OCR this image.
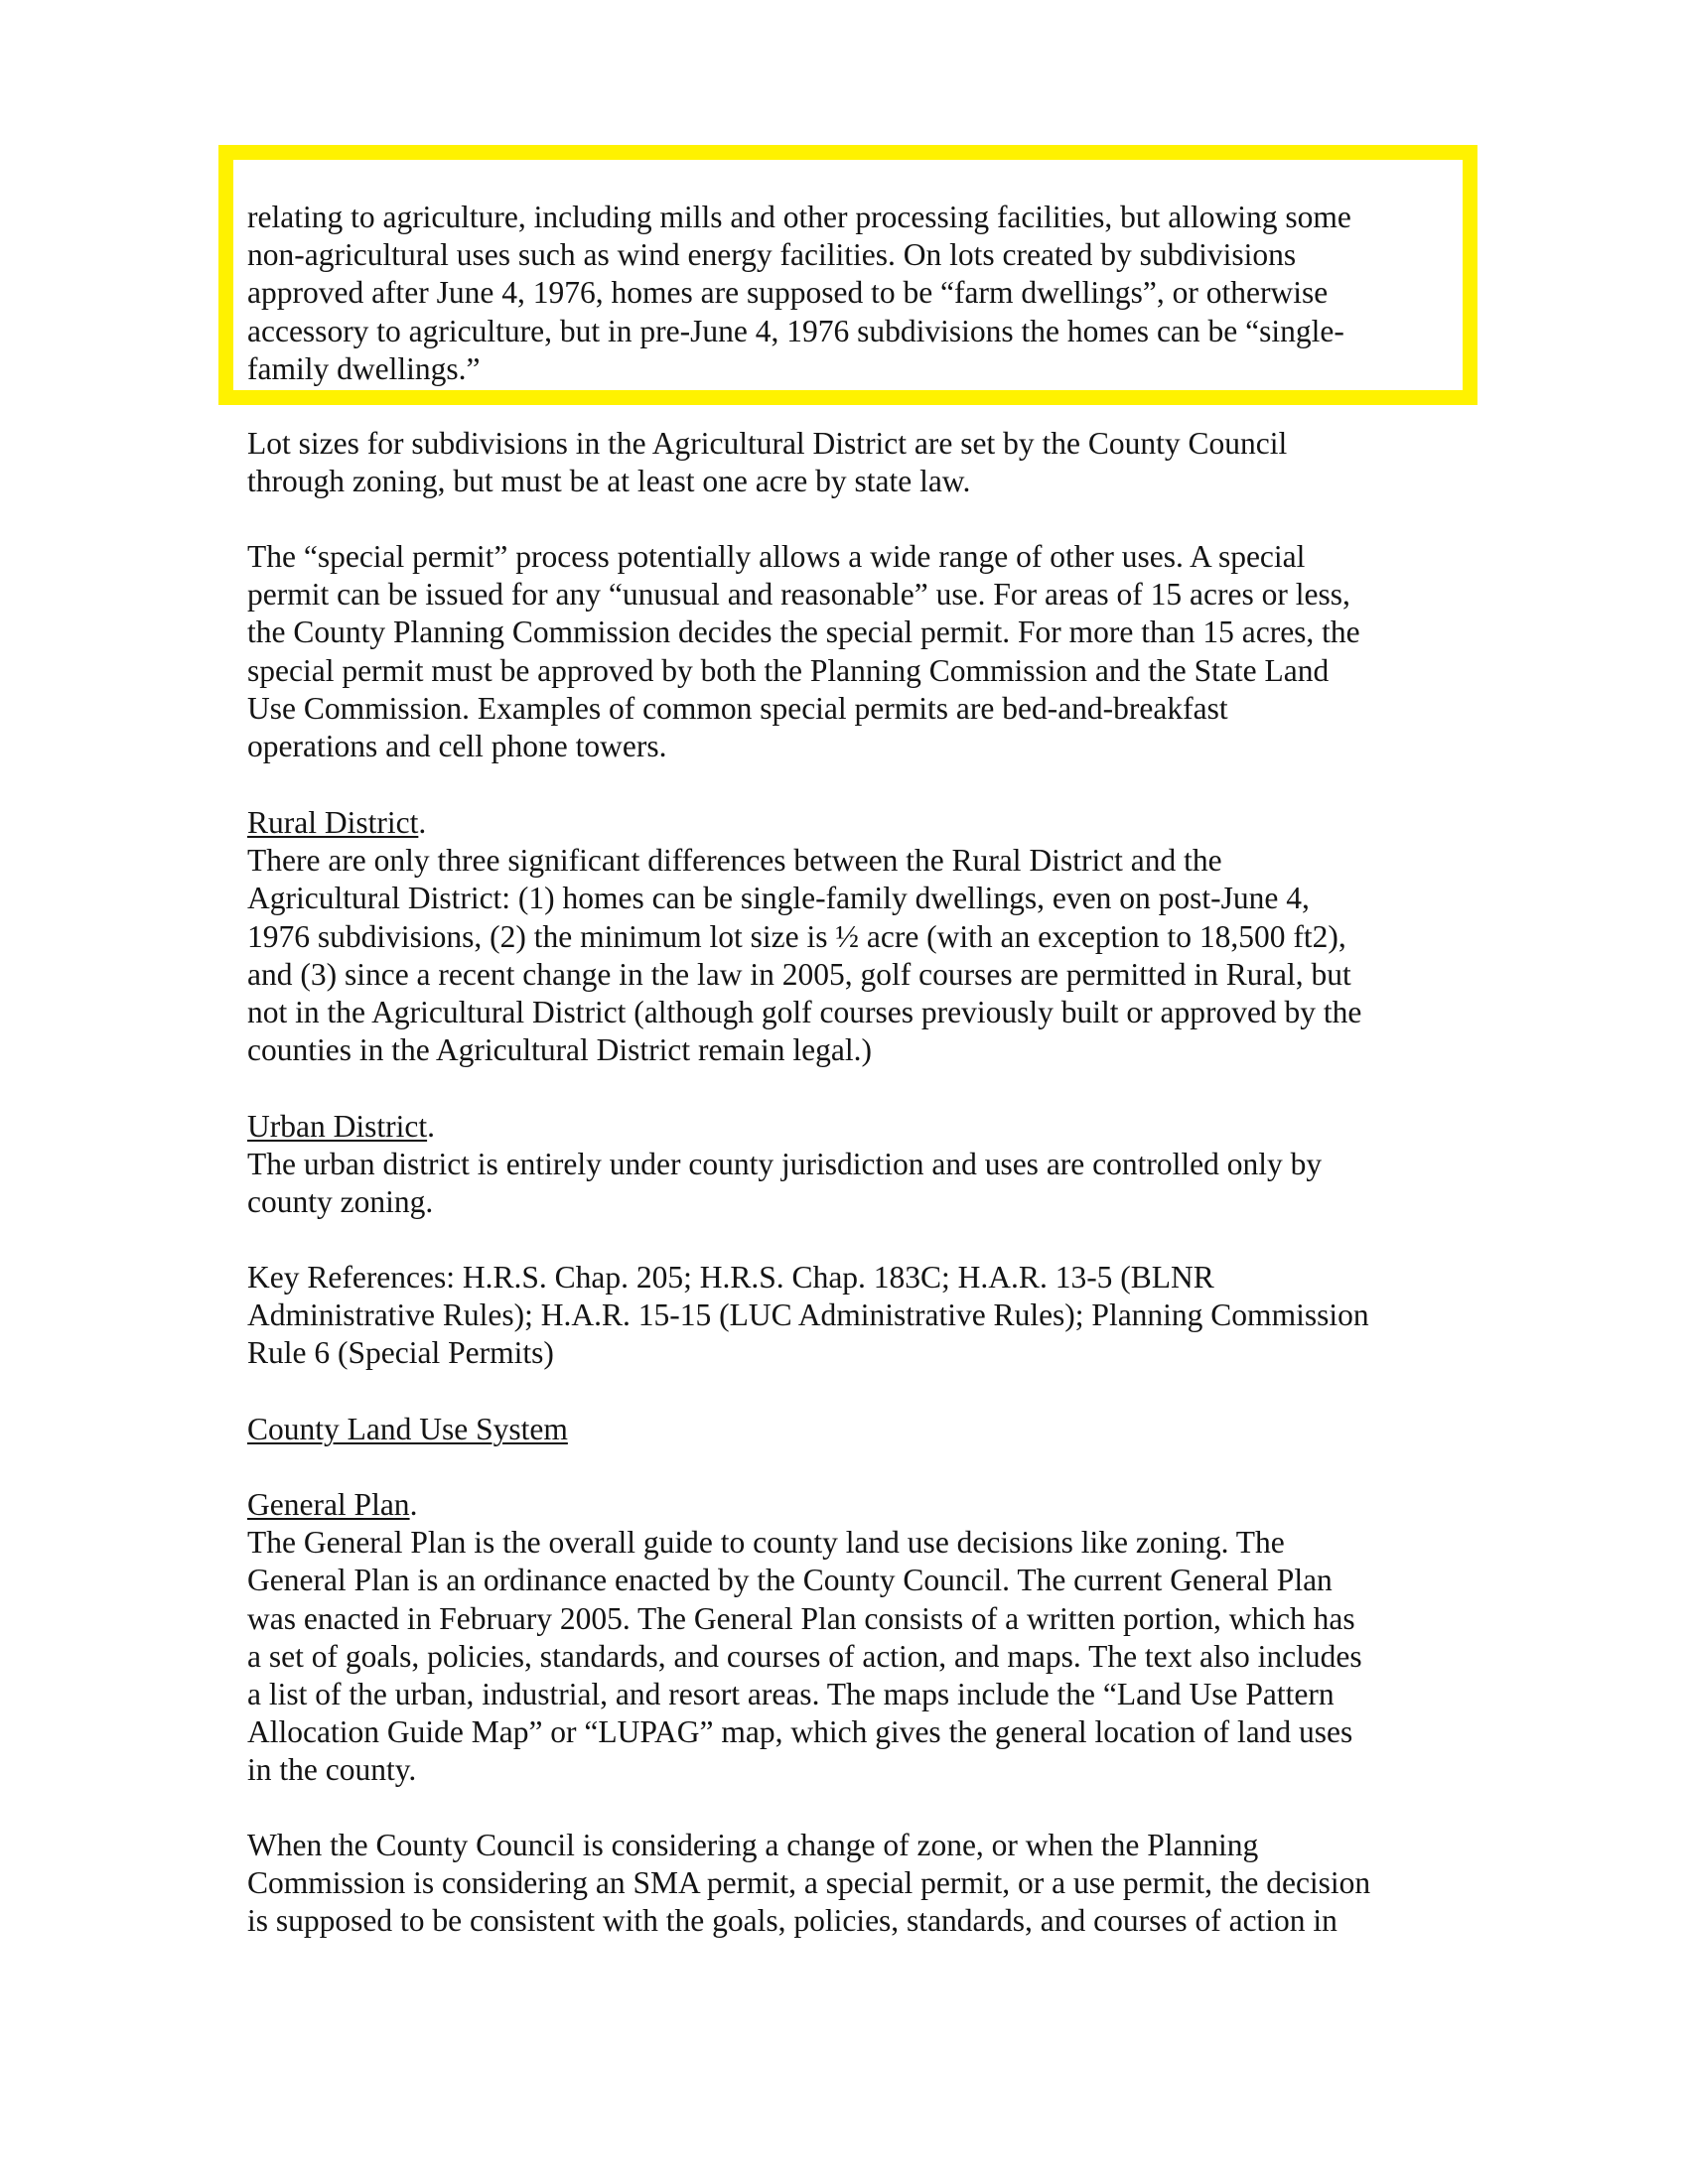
relating to agriculture, including mills and other processing facilities, but allowing some
non-agricultural uses such as wind energy facilities. On lots created by subdivisions
approved after June 4, 1976, homes are supposed to be “farm dwellings”, or otherwise
accessory to agriculture, but in pre-June 4, 1976 subdivisions the homes can be “single-
family dwellings.”

Lot sizes for subdivisions in the Agricultural District are set by the County Council
through zoning, but must be at least one acre by state law.

The “special permit” process potentially allows a wide range of other uses. A special
permit can be issued for any “unusual and reasonable” use. For areas of 15 acres or less,
the County Planning Commission decides the special permit. For more than 15 acres, the
special permit must be approved by both the Planning Commission and the State Land
Use Commission. Examples of common special permits are bed-and-breakfast
operations and cell phone towers.

Rural District.
There are only three significant differences between the Rural District and the
Agricultural District: (1) homes can be single-family dwellings, even on post-June 4,
1976 subdivisions, (2) the minimum lot size is ½ acre (with an exception to 18,500 ft2),
and (3) since a recent change in the law in 2005, golf courses are permitted in Rural, but
not in the Agricultural District (although golf courses previously built or approved by the
counties in the Agricultural District remain legal.)
Urban District.
The urban district is entirely under county jurisdiction and uses are controlled only by
county zoning.

Key References: H.R.S. Chap. 205; H.R.S. Chap. 183C; H.A.R. 13-5 (BLNR
Administrative Rules); H.A.R. 15-15 (LUC Administrative Rules); Planning Commission
Rule 6 (Special Permits)

County Land Use System
General Plan.
The General Plan is the overall guide to county land use decisions like zoning. The
General Plan is an ordinance enacted by the County Council. The current General Plan
was enacted in February 2005. The General Plan consists of a written portion, which has
a set of goals, policies, standards, and courses of action, and maps. The text also includes
a list of the urban, industrial, and resort areas. The maps include the “Land Use Pattern
Allocation Guide Map” or “LUPAG” map, which gives the general location of land uses
in the county.

When the County Council is considering a change of zone, or when the Planning
Commission is considering an SMA permit, a special permit, or a use permit, the decision
is supposed to be consistent with the goals, policies, standards, and courses of action in
